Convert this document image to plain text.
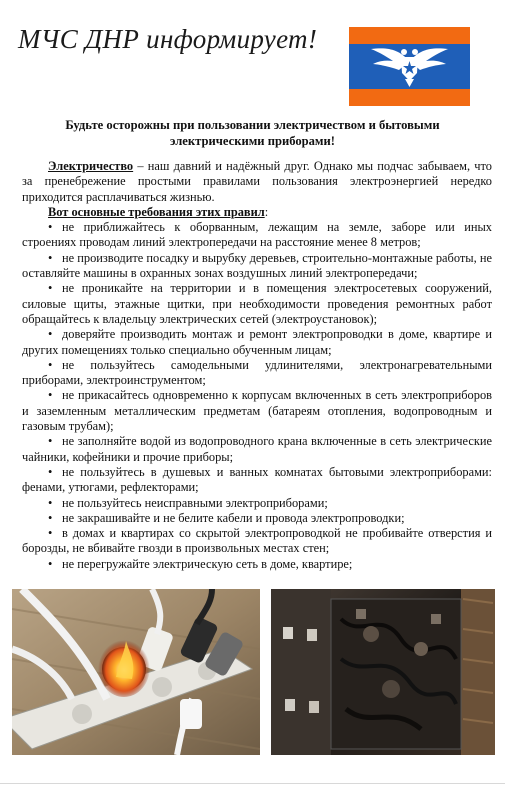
МЧС ДНР информирует!
Будьте осторожны при пользовании электричеством и бытовыми электрическими приборами!

Электричество – наш давний и надёжный друг. Однако мы подчас забываем, что за пренебрежение простыми правилами пользования электроэнергией нередко приходится расплачиваться жизнью.

Вот основные требования этих правил:
• не приближайтесь к оборванным, лежащим на земле, заборе или иных строениях проводам линий электропередачи на расстояние менее 8 метров;
• не производите посадку и вырубку деревьев, строительно-монтажные работы, не оставляйте машины в охранных зонах воздушных линий электропередачи;
• не проникайте на территории и в помещения электросетевых сооружений, силовые щиты, этажные щитки, при необходимости проведения ремонтных работ обращайтесь к владельцу электрических сетей (электроустановок);
• доверяйте производить монтаж и ремонт электропроводки в доме, квартире и других помещениях только специально обученным лицам;
• не пользуйтесь самодельными удлинителями, электронагревательными приборами, электроинструментом;
• не прикасайтесь одновременно к корпусам включенных в сеть электроприборов и заземленным металлическим предметам (батареям отопления, водопроводным и газовым трубам);
• не заполняйте водой из водопроводного крана включенные в сеть электрические чайники, кофейники и прочие приборы;
• не пользуйтесь в душевых и ванных комнатах бытовыми электроприборами: фенами, утюгами, рефлекторами;
• не пользуйтесь неисправными электроприборами;
• не закрашивайте и не белите кабели и провода электропроводки;
• в домах и квартирах со скрытой электропроводкой не пробивайте отверстия и борозды, не вбивайте гвозди в произвольных местах стен;
• не перегружайте электрическую сеть в доме, квартире;
